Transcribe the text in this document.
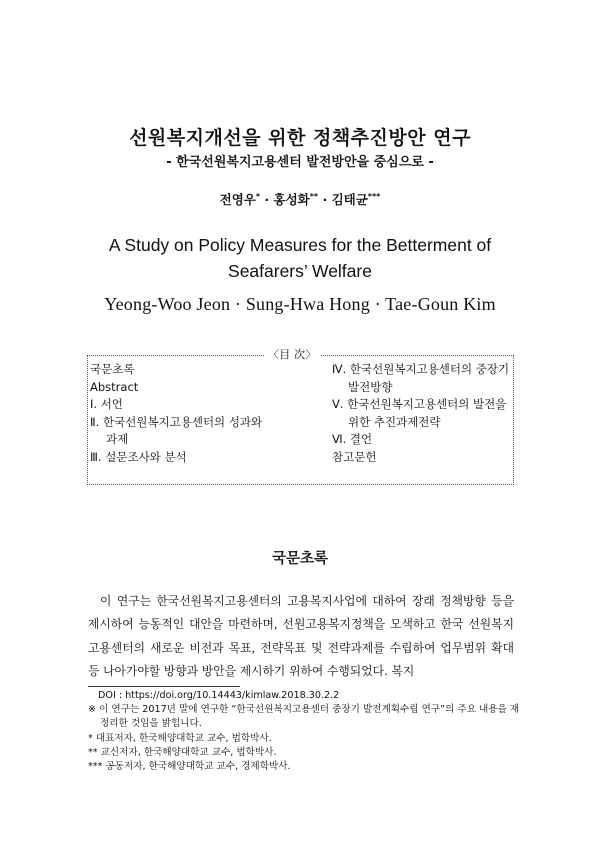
선원복지개선을 위한 정책추진방안 연구
- 한국선원복지고용센터 발전방안을 중심으로 -
전영우* · 홍성화** · 김태균***
A Study on Policy Measures for the Betterment of
Seafarers’ Welfare
Yeong-Woo Jeon · Sung-Hwa Hong · Tae-Goun Kim
〈目 次〉
국문초록
Abstract
Ⅰ. 서언
Ⅱ. 한국선원복지고용센터의 성과와
과제
Ⅲ. 설문조사와 분석
Ⅳ. 한국선원복지고용센터의 중장기
발전방향
Ⅴ. 한국선원복지고용센터의 발전을
위한 추진과제전략
Ⅵ. 결언
참고문헌
국문초록

이 연구는 한국선원복지고용센터의 고용복지사업에 대하여 장래 정책방향 등을 제시하여 능동적인 대안을 마련하며, 선원고용복지정책을 모색하고 한국 선원복지고용센터의 새로운 비전과 목표, 전략목표 및 전략과제를 수립하여 업무범위 확대 등 나아가야할 방향과 방안을 제시하기 위하여 수행되었다. 복지

DOI : https://doi.org/10.14443/kimlaw.2018.30.2.2

※ 이 연구는 2017년 말에 연구한 “한국선원복지고용센터 중장기 발전계획수립 연구”의 주요 내용을 재정리한 것임을 밝힙니다.

* 대표저자, 한국해양대학교 교수, 법학박사.

** 교신저자, 한국해양대학교 교수, 법학박사.

*** 공동저자, 한국해양대학교 교수, 경제학박사.
